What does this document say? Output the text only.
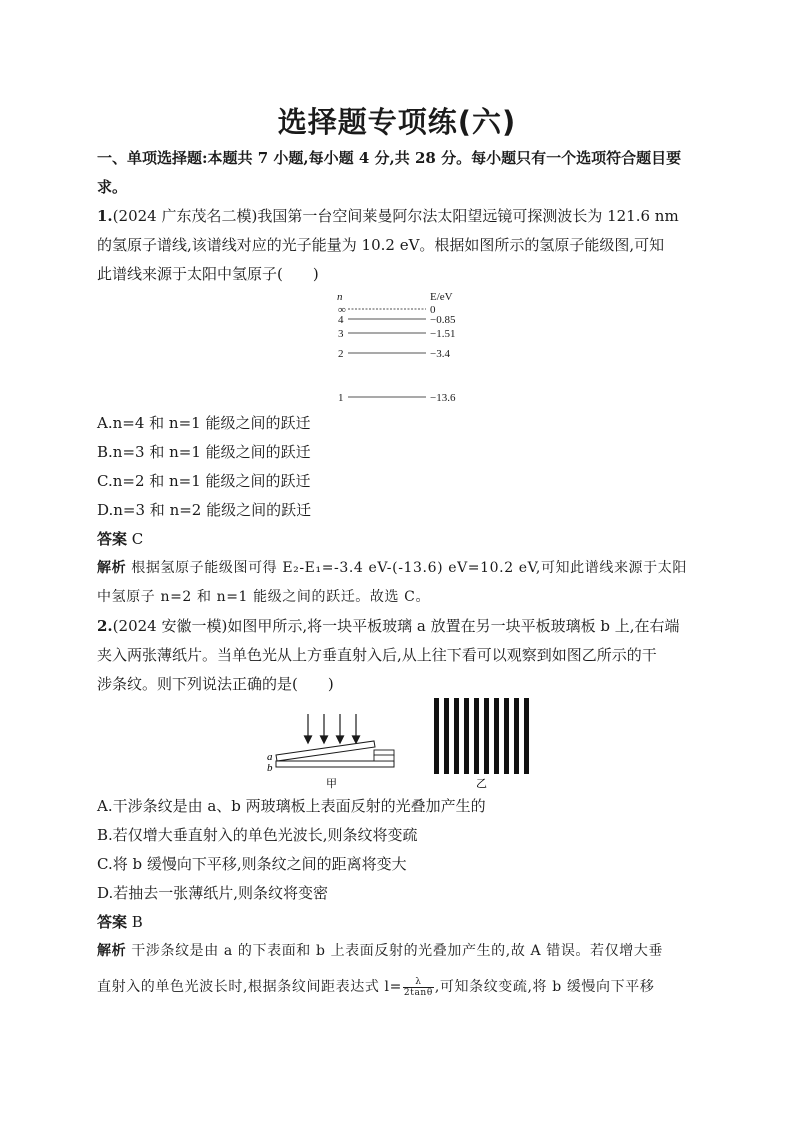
选择题专项练(六)
一、单项选择题:本题共 7 小题,每小题 4 分,共 28 分。每小题只有一个选项符合题目要
求。
1.(2024 广东茂名二模)我国第一台空间莱曼阿尔法太阳望远镜可探测波长为 121.6 nm
的氢原子谱线,该谱线对应的光子能量为 10.2 eV。根据如图所示的氢原子能级图,可知
此谱线来源于太阳中氢原子(　　)
n	E/eV
∞	0
4	−0.85
3	−1.51
2	−3.4
1	−13.6
A.n=4 和 n=1 能级之间的跃迁
B.n=3 和 n=1 能级之间的跃迁
C.n=2 和 n=1 能级之间的跃迁
D.n=3 和 n=2 能级之间的跃迁
答案 C
解析 根据氢原子能级图可得 E₂-E₁=-3.4 eV-(-13.6) eV=10.2 eV,可知此谱线来源于太阳
中氢原子 n=2 和 n=1 能级之间的跃迁。故选 C。
2.(2024 安徽一模)如图甲所示,将一块平板玻璃 a 放置在另一块平板玻璃板 b 上,在右端
夹入两张薄纸片。当单色光从上方垂直射入后,从上往下看可以观察到如图乙所示的干
涉条纹。则下列说法正确的是(　　)
a
b
甲	乙
A.干涉条纹是由 a、b 两玻璃板上表面反射的光叠加产生的
B.若仅增大垂直射入的单色光波长,则条纹将变疏
C.将 b 缓慢向下平移,则条纹之间的距离将变大
D.若抽去一张薄纸片,则条纹将变密
答案 B
解析 干涉条纹是由 a 的下表面和 b 上表面反射的光叠加产生的,故 A 错误。若仅增大垂
直射入的单色光波长时,根据条纹间距表达式 $l= \frac{\lambda}{2\tan\theta}$ ,可知条纹变疏,将 b 缓慢向下平移
